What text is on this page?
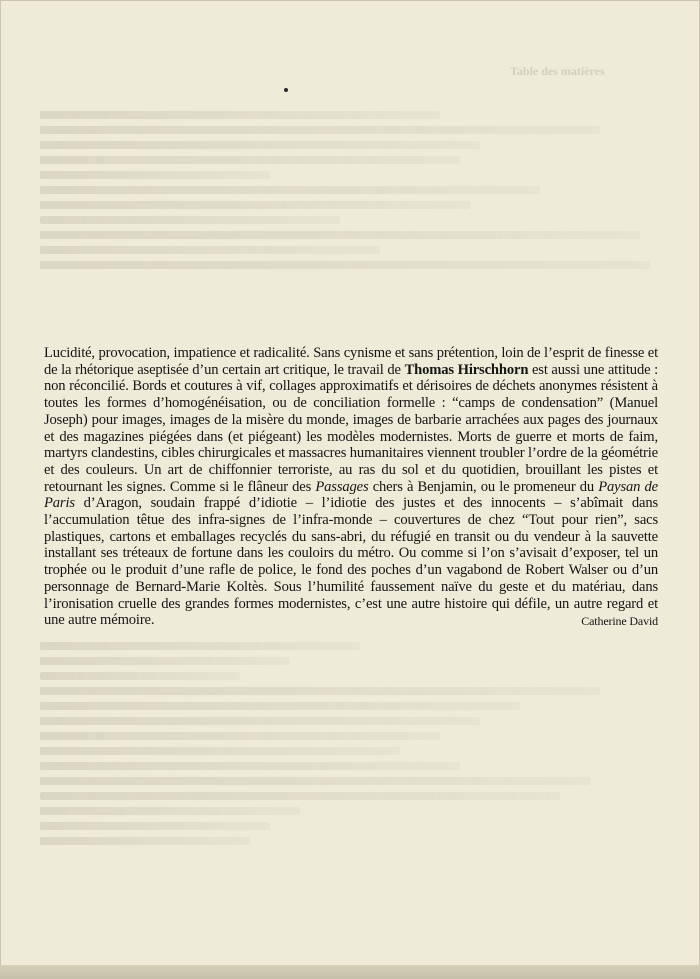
Table des matières
Lucidité, provocation, impatience et radicalité. Sans cynisme et sans prétention, loin de l’esprit de finesse et de la rhétorique aseptisée d’un certain art critique, le travail de Thomas Hirschhorn est aussi une attitude : non réconcilié. Bords et coutures à vif, collages approximatifs et dérisoires de déchets anonymes résistent à toutes les formes d’homogénéisation, ou de conciliation formelle : “camps de condensation” (Manuel Joseph) pour images, images de la misère du monde, images de barbarie arrachées aux pages des journaux et des magazines piégées dans (et piégeant) les modèles modernistes. Morts de guerre et morts de faim, martyrs clandestins, cibles chirurgicales et massacres humanitaires viennent troubler l’ordre de la géométrie et des couleurs. Un art de chiffonnier terroriste, au ras du sol et du quotidien, brouillant les pistes et retournant les signes. Comme si le flâneur des Passages chers à Benjamin, ou le promeneur du Paysan de Paris d’Aragon, soudain frappé d’idiotie – l’idiotie des justes et des innocents – s’abîmait dans l’accumulation têtue des infra-signes de l’infra-monde – couvertures de chez “Tout pour rien”, sacs plastiques, cartons et emballages recyclés du sans-abri, du réfugié en transit ou du vendeur à la sauvette installant ses tréteaux de fortune dans les couloirs du métro. Ou comme si l’on s’avisait d’exposer, tel un trophée ou le produit d’une rafle de police, le fond des poches d’un vagabond de Robert Walser ou d’un personnage de Bernard-Marie Koltès. Sous l’humilité faussement naïve du geste et du matériau, dans l’ironisation cruelle des grandes formes modernistes, c’est une autre histoire qui défile, un autre regard et une autre mémoire.	Catherine David
